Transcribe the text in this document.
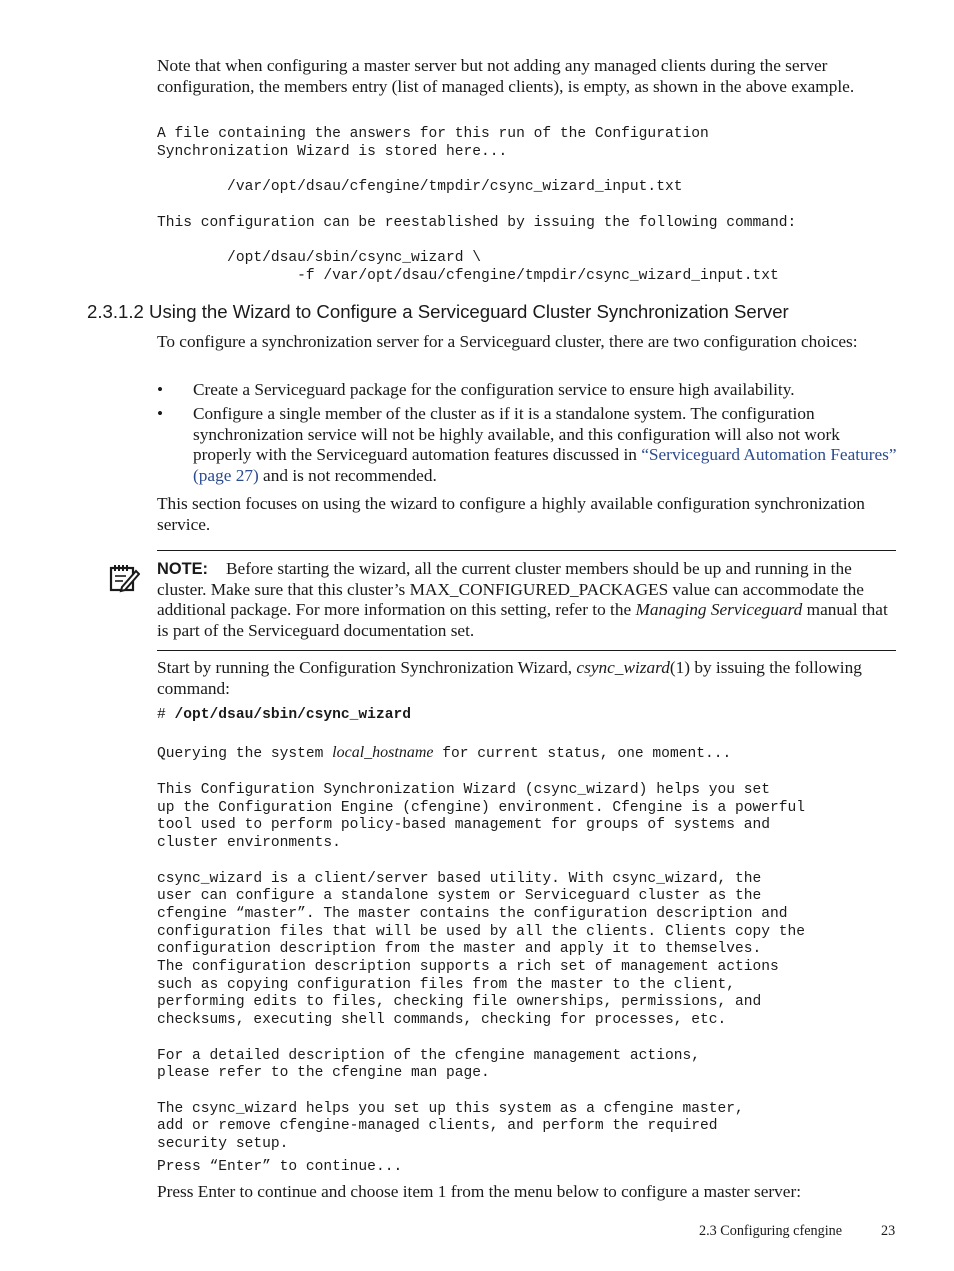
Note that when configuring a master server but not adding any managed clients during the server configuration, the members entry (list of managed clients), is empty, as shown in the above example.

A file containing the answers for this run of the Configuration
Synchronization Wizard is stored here...

/var/opt/dsau/cfengine/tmpdir/csync_wizard_input.txt

This configuration can be reestablished by issuing the following command:

/opt/dsau/sbin/csync_wizard \
-f /var/opt/dsau/cfengine/tmpdir/csync_wizard_input.txt
2.3.1.2 Using the Wizard to Configure a Serviceguard Cluster Synchronization Server

To configure a synchronization server for a Serviceguard cluster, there are two configuration choices:

• Create a Serviceguard package for the configuration service to ensure high availability.
• Configure a single member of the cluster as if it is a standalone system. The configuration synchronization service will not be highly available, and this configuration will also not work properly with the Serviceguard automation features discussed in “Serviceguard Automation Features” (page 27) and is not recommended.

This section focuses on using the wizard to configure a highly available configuration synchronization service.

NOTE: Before starting the wizard, all the current cluster members should be up and running in the cluster. Make sure that this cluster’s MAX_CONFIGURED_PACKAGES value can accommodate the additional package. For more information on this setting, refer to the Managing Serviceguard manual that is part of the Serviceguard documentation set.

Start by running the Configuration Synchronization Wizard, csync_wizard(1) by issuing the following command:

# /opt/dsau/sbin/csync_wizard
Querying the system local_hostname for current status, one moment...
This Configuration Synchronization Wizard (csync_wizard) helps you set
up the Configuration Engine (cfengine) environment. Cfengine is a powerful
tool used to perform policy-based management for groups of systems and
cluster environments.

csync_wizard is a client/server based utility. With csync_wizard, the
user can configure a standalone system or Serviceguard cluster as the
cfengine “master”. The master contains the configuration description and
configuration files that will be used by all the clients. Clients copy the
configuration description from the master and apply it to themselves.
The configuration description supports a rich set of management actions
such as copying configuration files from the master to the client,
performing edits to files, checking file ownerships, permissions, and
checksums, executing shell commands, checking for processes, etc.

For a detailed description of the cfengine management actions,
please refer to the cfengine man page.

The csync_wizard helps you set up this system as a cfengine master,
add or remove cfengine-managed clients, and perform the required
security setup.
Press “Enter” to continue...

Press Enter to continue and choose item 1 from the menu below to configure a master server:

2.3 Configuring cfengine	23
